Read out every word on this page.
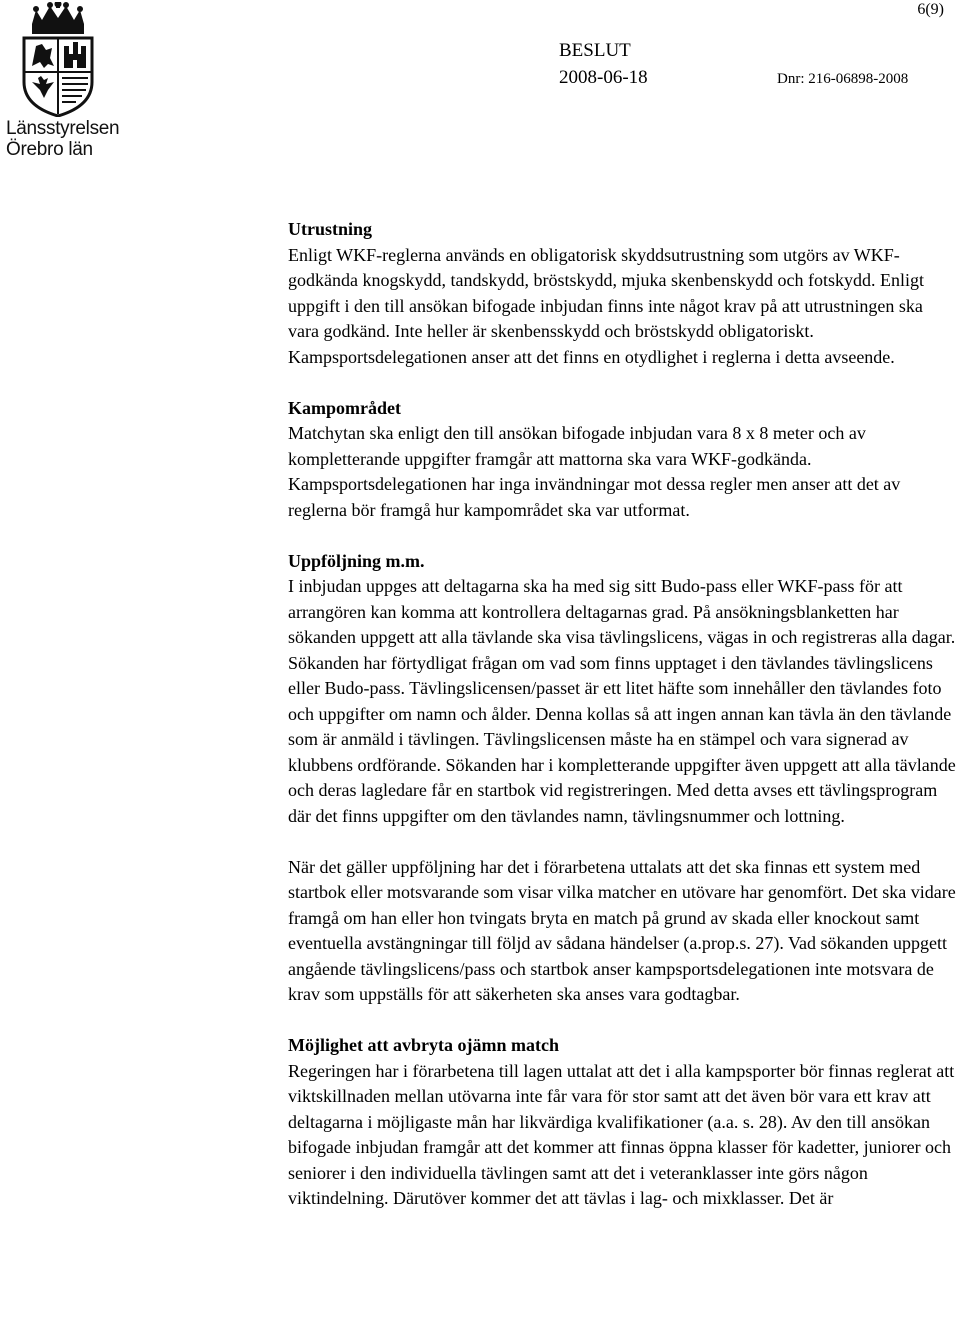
Länsstyrelsen
Örebro län
6(9)
BESLUT
2008-06-18	Dnr: 216-06898-2008
Utrustning

Enligt WKF-reglerna används en obligatorisk skyddsutrustning som utgörs av WKF-godkända knogskydd, tandskydd, bröstskydd, mjuka skenbenskydd och fotskydd. Enligt uppgift i den till ansökan bifogade inbjudan finns inte något krav på att utrustningen ska vara godkänd. Inte heller är skenbensskydd och bröstskydd obligatoriskt. Kampsportsdelegationen anser att det finns en otydlighet i reglerna i detta avseende.

Kampområdet

Matchytan ska enligt den till ansökan bifogade inbjudan vara 8 x 8 meter och av kompletterande uppgifter framgår att mattorna ska vara WKF-godkända. Kampsportsdelegationen har inga invändningar mot dessa regler men anser att det av reglerna bör framgå hur kampområdet ska var utformat.

Uppföljning m.m.

I inbjudan uppges att deltagarna ska ha med sig sitt Budo-pass eller WKF-pass för att arrangören kan komma att kontrollera deltagarnas grad. På ansökningsblanketten har sökanden uppgett att alla tävlande ska visa tävlingslicens, vägas in och registreras alla dagar. Sökanden har förtydligat frågan om vad som finns upptaget i den tävlandes tävlingslicens eller Budo-pass. Tävlingslicensen/passet är ett litet häfte som innehåller den tävlandes foto och uppgifter om namn och ålder. Denna kollas så att ingen annan kan tävla än den tävlande som är anmäld i tävlingen. Tävlingslicensen måste ha en stämpel och vara signerad av klubbens ordförande. Sökanden har i kompletterande uppgifter även uppgett att alla tävlande och deras lagledare får en startbok vid registreringen. Med detta avses ett tävlingsprogram där det finns uppgifter om den tävlandes namn, tävlingsnummer och lottning.

När det gäller uppföljning har det i förarbetena uttalats att det ska finnas ett system med startbok eller motsvarande som visar vilka matcher en utövare har genomfört. Det ska vidare framgå om han eller hon tvingats bryta en match på grund av skada eller knockout samt eventuella avstängningar till följd av sådana händelser (a.prop.s. 27). Vad sökanden uppgett angående tävlingslicens/pass och startbok anser kampsportsdelegationen inte motsvara de krav som uppställs för att säkerheten ska anses vara godtagbar.

Möjlighet att avbryta ojämn match

Regeringen har i förarbetena till lagen uttalat att det i alla kampsporter bör finnas reglerat att viktskillnaden mellan utövarna inte får vara för stor samt att det även bör vara ett krav att deltagarna i möjligaste mån har likvärdiga kvalifikationer (a.a. s. 28). Av den till ansökan bifogade inbjudan framgår att det kommer att finnas öppna klasser för kadetter, juniorer och seniorer i den individuella tävlingen samt att det i veteranklasser inte görs någon viktindelning. Därutöver kommer det att tävlas i lag- och mixklasser. Det är
